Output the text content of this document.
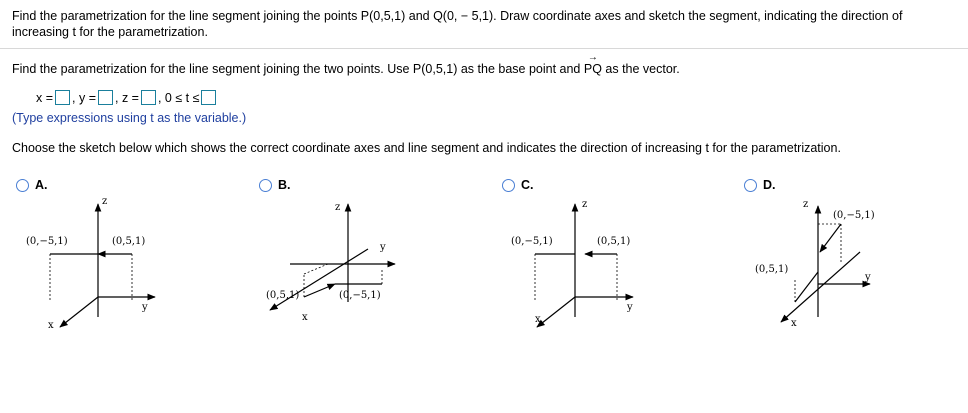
Find the parametrization for the line segment joining the points P(0,5,1) and Q(0, − 5,1). Draw coordinate axes and sketch the segment, indicating the direction of increasing t for the parametrization.
Find the parametrization for the line segment joining the two points. Use P(0,5,1) as the base point and
→
PQ as the vector.
x = , y = , z = , 0 ≤ t ≤
(Type expressions using t as the variable.)
Choose the sketch below which shows the correct coordinate axes and line segment and indicates the direction of increasing t for the parametrization.
A.
z
y
x
(0,−5,1)	(0,5,1)
B.
z
y
x
(0,5,1)	(0,−5,1)
C.
z
y
x
(0,−5,1)	(0,5,1)
D.
z
y
x
(0,5,1)
(0,−5,1)
